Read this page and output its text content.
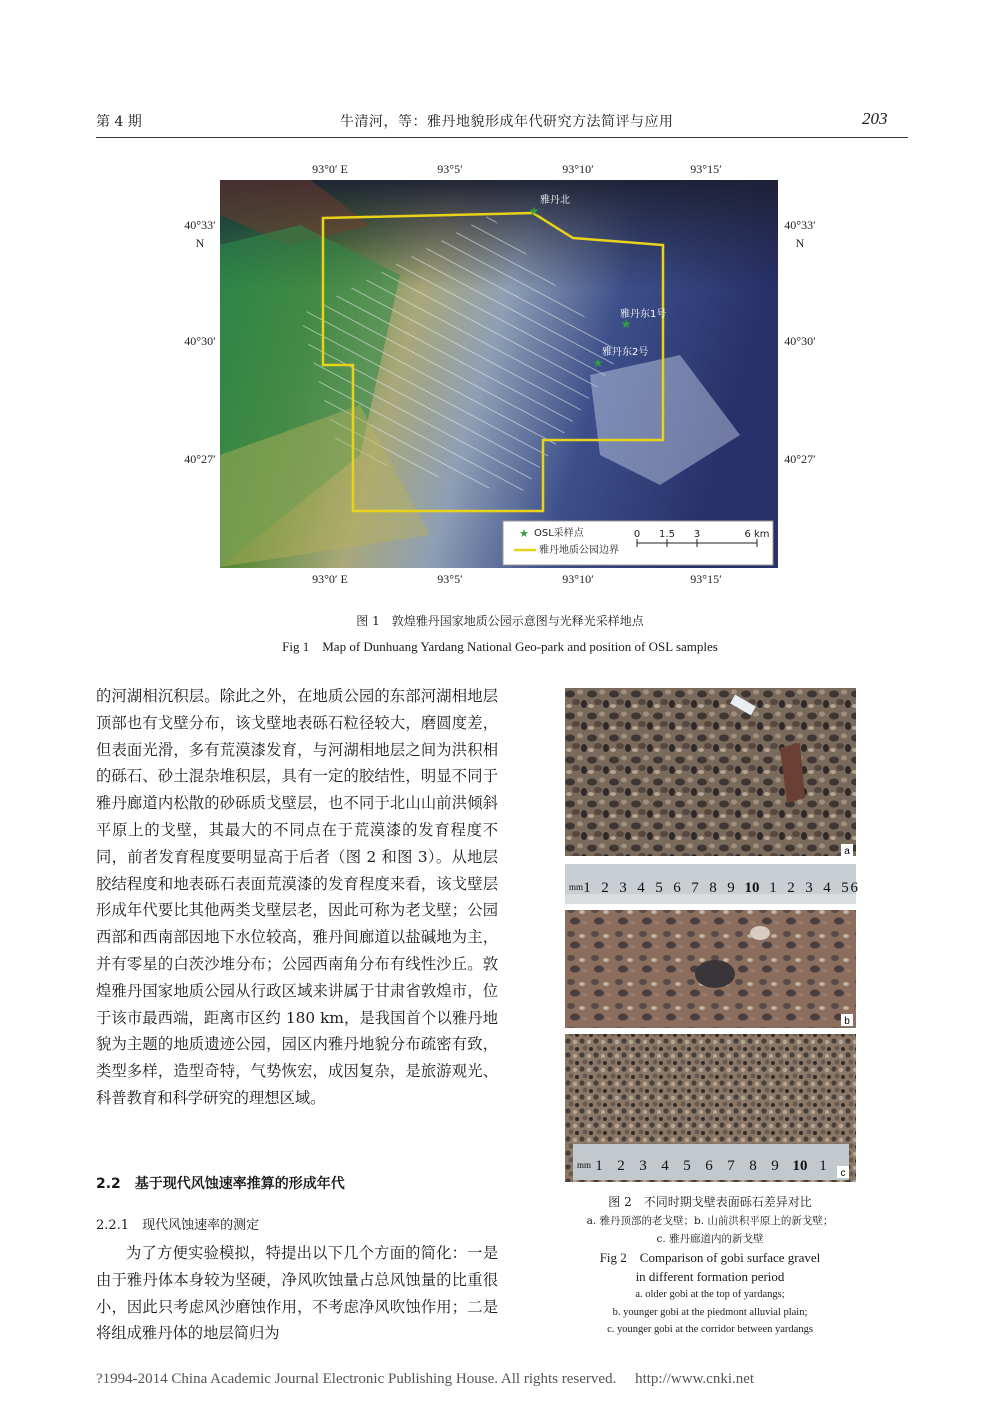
第 4 期	牛清河，等：雅丹地貌形成年代研究方法简评与应用	203
★
雅丹北
★
雅丹东1号
★
雅丹东2号
★ OSL采样点
雅丹地质公园边界
0 1.5 3	6 km
93°0′ E	93°5′	93°10′	93°15′
93°0′ E	93°5′	93°10′	93°15′
40°33′
N
40°30′
40°27′
40°33′
N
40°30′
40°27′
图 1　敦煌雅丹国家地质公园示意图与光释光采样地点
Fig 1　Map of Dunhuang Yardang National Geo-park and position of OSL samples

的河湖相沉积层。除此之外，在地质公园的东部河湖相地层顶部也有戈壁分布，该戈壁地表砾石粒径较大，磨圆度差，但表面光滑，多有荒漠漆发育，与河湖相地层之间为洪积相的砾石、砂土混杂堆积层，具有一定的胶结性，明显不同于雅丹廊道内松散的砂砾质戈壁层，也不同于北山山前洪倾斜平原上的戈壁，其最大的不同点在于荒漠漆的发育程度不同，前者发育程度要明显高于后者（图 2 和图 3）。从地层胶结程度和地表砾石表面荒漠漆的发育程度来看，该戈壁层形成年代要比其他两类戈壁层老，因此可称为老戈壁；公园西部和西南部因地下水位较高，雅丹间廊道以盐碱地为主，并有零星的白茨沙堆分布；公园西南角分布有线性沙丘。敦煌雅丹国家地质公园从行政区域来讲属于甘肃省敦煌市，位于该市最西端，距离市区约 180 km，是我国首个以雅丹地貌为主题的地质遗迹公园，园区内雅丹地貌分布疏密有致，类型多样，造型奇特，气势恢宏，成因复杂，是旅游观光、科普教育和科学研究的理想区域。

2.2　基于现代风蚀速率推算的形成年代
2.2.1　现代风蚀速率的测定

为了方便实验模拟，特提出以下几个方面的简化：一是由于雅丹体本身较为坚硬，净风吹蚀量占总风蚀量的比重很小，因此只考虑风沙磨蚀作用，不考虑净风吹蚀作用；二是将组成雅丹体的地层简归为

a
mm 1 2 3 4 5 6 7 8 9 10 1 2 3 4 5 6
b
mm 1 2 3 4 5 6 7 8 9 10 1 c
图 2　不同时期戈壁表面砾石差异对比
a. 雅丹顶部的老戈壁；b. 山前洪积平原上的新戈壁；
c. 雅丹廊道内的新戈壁
Fig 2　Comparison of gobi surface gravel
in different formation period
a. older gobi at the top of yardangs;
b. younger gobi at the piedmont alluvial plain;
c. younger gobi at the corridor between yardangs
?1994-2014 China Academic Journal Electronic Publishing House. All rights reserved.　 http://www.cnki.net
